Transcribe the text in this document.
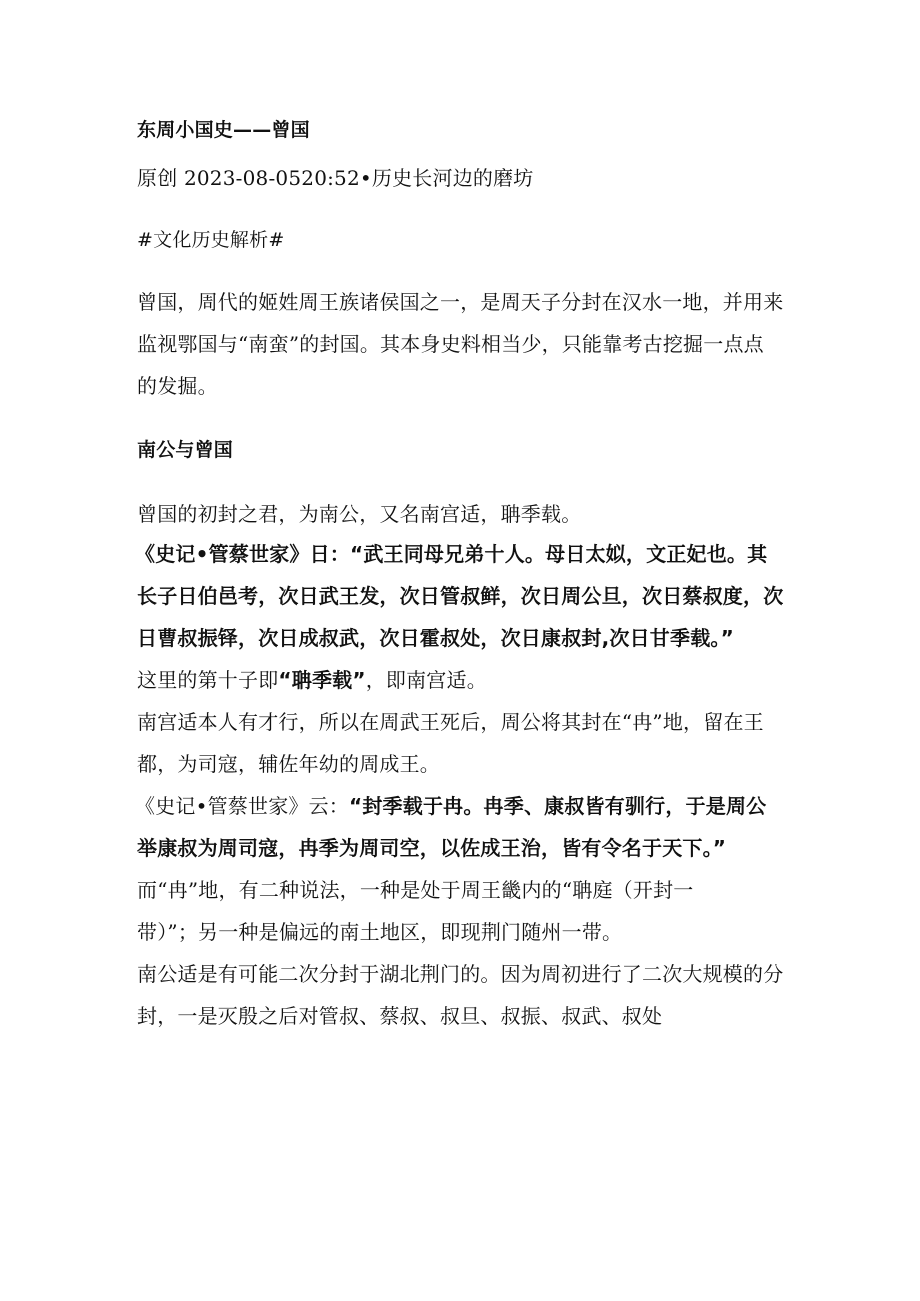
东周小国史——曾国
原创 2023-08-0520:52•历史长河边的磨坊
#文化历史解析#
曾国，周代的姬姓周王族诸侯国之一，是周天子分封在汉水一地，并用来
监视鄂国与“南蛮”的封国。其本身史料相当少，只能靠考古挖掘一点点
的发掘。
南公与曾国
曾国的初封之君，为南公，又名南宫适，聃季载。
《史记•管蔡世家》日：“武王同母兄弟十人。母日太姒，文正妃也。其
长子日伯邑考，次日武王发，次日管叔鲜，次日周公旦，次日蔡叔度，次
日曹叔振铎，次日成叔武，次日霍叔处，次日康叔封,次日甘季载。”
这里的第十子即“聃季载”，即南宫适。
南宫适本人有才行，所以在周武王死后，周公将其封在“冉”地，留在王
都，为司寇，辅佐年幼的周成王。
《史记•管蔡世家》云：“封季载于冉。冉季、康叔皆有驯行，于是周公
举康叔为周司寇，冉季为周司空，以佐成王治，皆有令名于天下。”
而“冉”地，有二种说法，一种是处于周王畿内的“聃庭（开封一
带）”；另一种是偏远的南土地区，即现荆门随州一带。
南公适是有可能二次分封于湖北荆门的。因为周初进行了二次大规模的分
封，一是灭殷之后对管叔、蔡叔、叔旦、叔振、叔武、叔处
